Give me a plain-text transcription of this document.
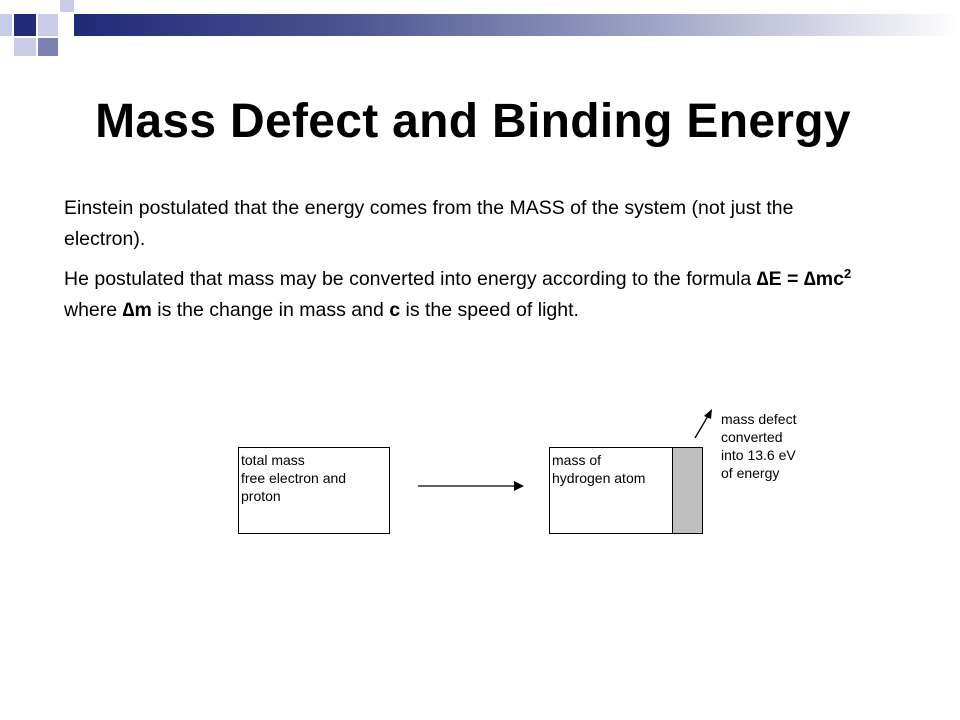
Mass Defect and Binding Energy
Einstein postulated that the energy comes from the MASS of the system (not just the electron).
He postulated that mass may be converted into energy according to the formula $\Delta E = \Delta mc^2$ where ∆m is the change in mass and c is the speed of light.
total mass
free electron and
proton
mass of
hydrogen atom
mass defect
converted
into 13.6 eV
of energy
